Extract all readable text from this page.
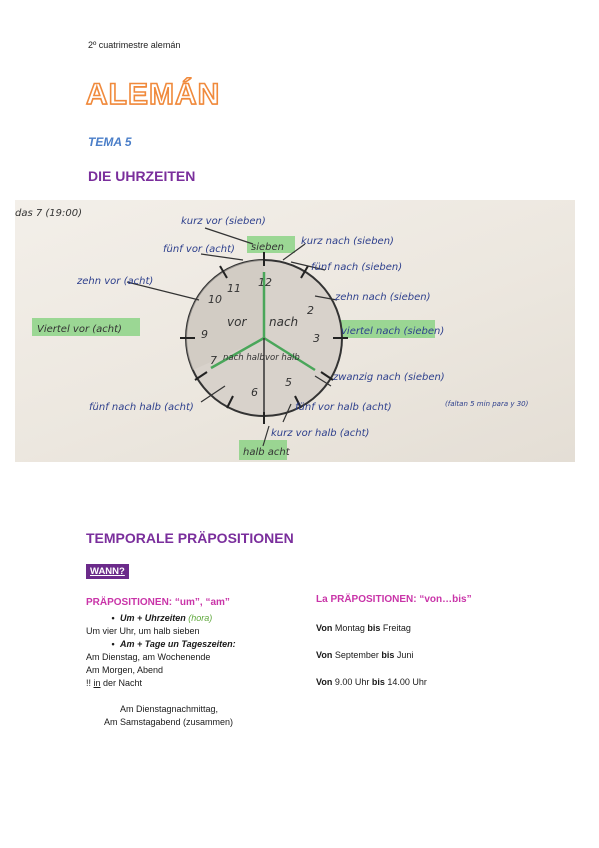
2º cuatrimestre alemán
ALEMÁN
TEMA 5
DIE UHRZEITEN
12
2
3
5
6
7
9
10
11
vor nach
nach halb vor halb
das 7 (19:00)
kurz vor (sieben)
fünf vor (acht) sieben
kurz nach (sieben)
fünf nach (sieben)
zehn vor (acht)
zehn nach (sieben)
Viertel vor (acht)	viertel nach (sieben)
zwanzig nach (sieben)
fünf nach halb (acht)	fünf vor halb (acht)
kurz vor halb (acht)
halb acht
(faltan 5 min para y 30)
TEMPORALE PRÄPOSITIONEN
WANN?
PRÄPOSITIONEN: “um”, “am”
• Um + Uhrzeiten (hora)
Um vier Uhr, um halb sieben
• Am + Tage un Tageszeiten:
Am Dienstag, am Wochenende
Am Morgen, Abend
!! in der Nacht
Am Dienstagnachmittag,
Am Samstagabend (zusammen)
La PRÄPOSITIONEN: “von…bis”
Von Montag bis Freitag
Von September bis Juni
Von 9.00 Uhr bis 14.00 Uhr
